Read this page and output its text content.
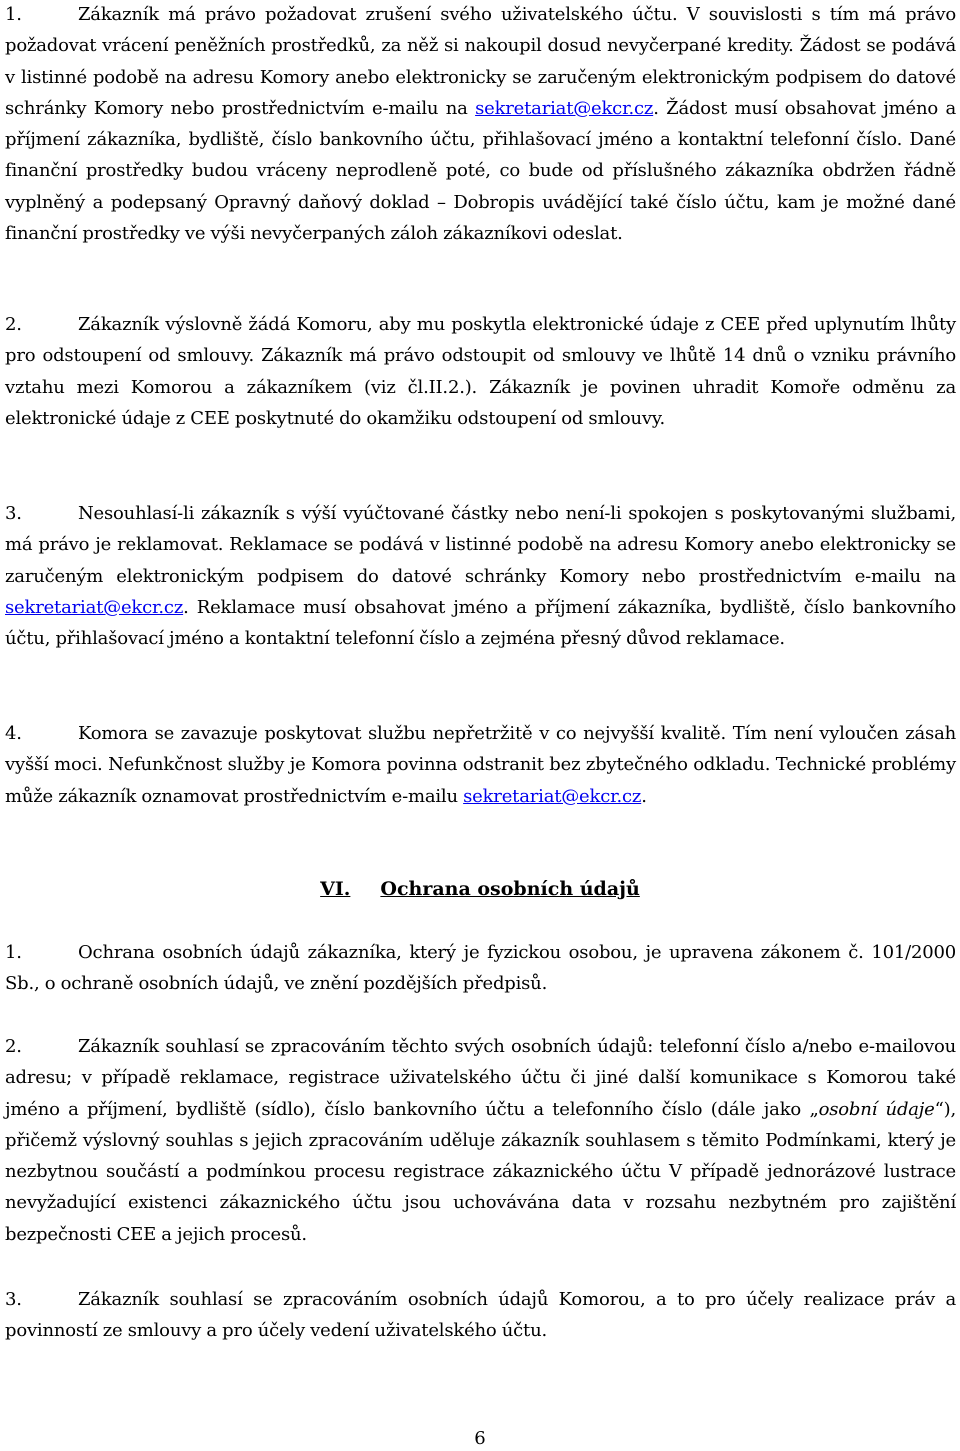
1.	Zákazník má právo požadovat zrušení svého uživatelského účtu. V souvislosti s tím má právo požadovat vrácení peněžních prostředků, za něž si nakoupil dosud nevyčerpané kredity. Žádost se podává v listinné podobě na adresu Komory anebo elektronicky se zaručeným elektronickým podpisem do datové schránky Komory nebo prostřednictvím e-mailu na sekretariat@ekcr.cz. Žádost musí obsahovat jméno a příjmení zákazníka, bydliště, číslo bankovního účtu, přihlašovací jméno a kontaktní telefonní číslo. Dané finanční prostředky budou vráceny neprodleně poté, co bude od příslušného zákazníka obdržen řádně vyplněný a podepsaný Opravný daňový doklad – Dobropis uvádějící také číslo účtu, kam je možné dané finanční prostředky ve výši nevyčerpaných záloh zákazníkovi odeslat.

2.	Zákazník výslovně žádá Komoru, aby mu poskytla elektronické údaje z CEE před uplynutím lhůty pro odstoupení od smlouvy. Zákazník má právo odstoupit od smlouvy ve lhůtě 14 dnů o vzniku právního vztahu mezi Komorou a zákazníkem (viz čl.II.2.). Zákazník je povinen uhradit Komoře odměnu za elektronické údaje z CEE poskytnuté do okamžiku odstoupení od smlouvy.

3.	Nesouhlasí-li zákazník s výší vyúčtované částky nebo není-li spokojen s poskytovanými službami, má právo je reklamovat. Reklamace se podává v listinné podobě na adresu Komory anebo elektronicky se zaručeným elektronickým podpisem do datové schránky Komory nebo prostřednictvím e-mailu na sekretariat@ekcr.cz. Reklamace musí obsahovat jméno a příjmení zákazníka, bydliště, číslo bankovního účtu, přihlašovací jméno a kontaktní telefonní číslo a zejména přesný důvod reklamace.

4.	Komora se zavazuje poskytovat službu nepřetržitě v co nejvyšší kvalitě. Tím není vyloučen zásah vyšší moci. Nefunkčnost služby je Komora povinna odstranit bez zbytečného odkladu. Technické problémy může zákazník oznamovat prostřednictvím e-mailu sekretariat@ekcr.cz.

VI. Ochrana osobních údajů

1.	Ochrana osobních údajů zákazníka, který je fyzickou osobou, je upravena zákonem č. 101/2000 Sb., o ochraně osobních údajů, ve znění pozdějších předpisů.

2.	Zákazník souhlasí se zpracováním těchto svých osobních údajů: telefonní číslo a/nebo e-mailovou adresu; v případě reklamace, registrace uživatelského účtu či jiné další komunikace s Komorou také jméno a příjmení, bydliště (sídlo), číslo bankovního účtu a telefonního číslo (dále jako „osobní údaje“), přičemž výslovný souhlas s jejich zpracováním uděluje zákazník souhlasem s těmito Podmínkami, který je nezbytnou součástí a podmínkou procesu registrace zákaznického účtu V případě jednorázové lustrace nevyžadující existenci zákaznického účtu jsou uchovávána data v rozsahu nezbytném pro zajištění bezpečnosti CEE a jejich procesů.

3.	Zákazník souhlasí se zpracováním osobních údajů Komorou, a to pro účely realizace práv a povinností ze smlouvy a pro účely vedení uživatelského účtu.

6
